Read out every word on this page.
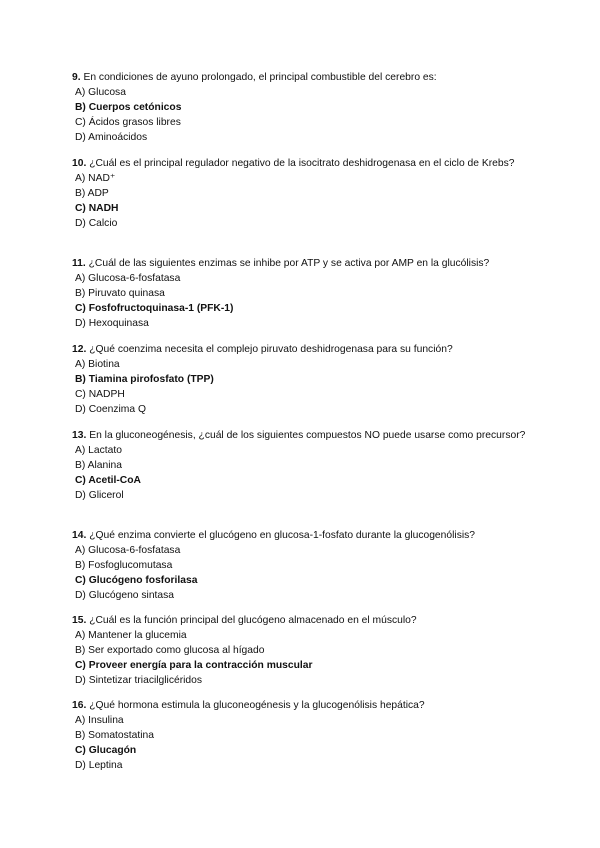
9. En condiciones de ayuno prolongado, el principal combustible del cerebro es:
A) Glucosa
B) Cuerpos cetónicos
C) Ácidos grasos libres
D) Aminoácidos
10. ¿Cuál es el principal regulador negativo de la isocitrato deshidrogenasa en el ciclo de Krebs?
A) NAD⁺
B) ADP
C) NADH
D) Calcio
11. ¿Cuál de las siguientes enzimas se inhibe por ATP y se activa por AMP en la glucólisis?
A) Glucosa-6-fosfatasa
B) Piruvato quinasa
C) Fosfofructoquinasa-1 (PFK-1)
D) Hexoquinasa
12. ¿Qué coenzima necesita el complejo piruvato deshidrogenasa para su función?
A) Biotina
B) Tiamina pirofosfato (TPP)
C) NADPH
D) Coenzima Q
13. En la gluconeogénesis, ¿cuál de los siguientes compuestos NO puede usarse como precursor?
A) Lactato
B) Alanina
C) Acetil-CoA
D) Glicerol
14. ¿Qué enzima convierte el glucógeno en glucosa-1-fosfato durante la glucogenólisis?
A) Glucosa-6-fosfatasa
B) Fosfoglucomutasa
C) Glucógeno fosforilasa
D) Glucógeno sintasa
15. ¿Cuál es la función principal del glucógeno almacenado en el músculo?
A) Mantener la glucemia
B) Ser exportado como glucosa al hígado
C) Proveer energía para la contracción muscular
D) Sintetizar triacilglicéridos
16. ¿Qué hormona estimula la gluconeogénesis y la glucogenólisis hepática?
A) Insulina
B) Somatostatina
C) Glucagón
D) Leptina
